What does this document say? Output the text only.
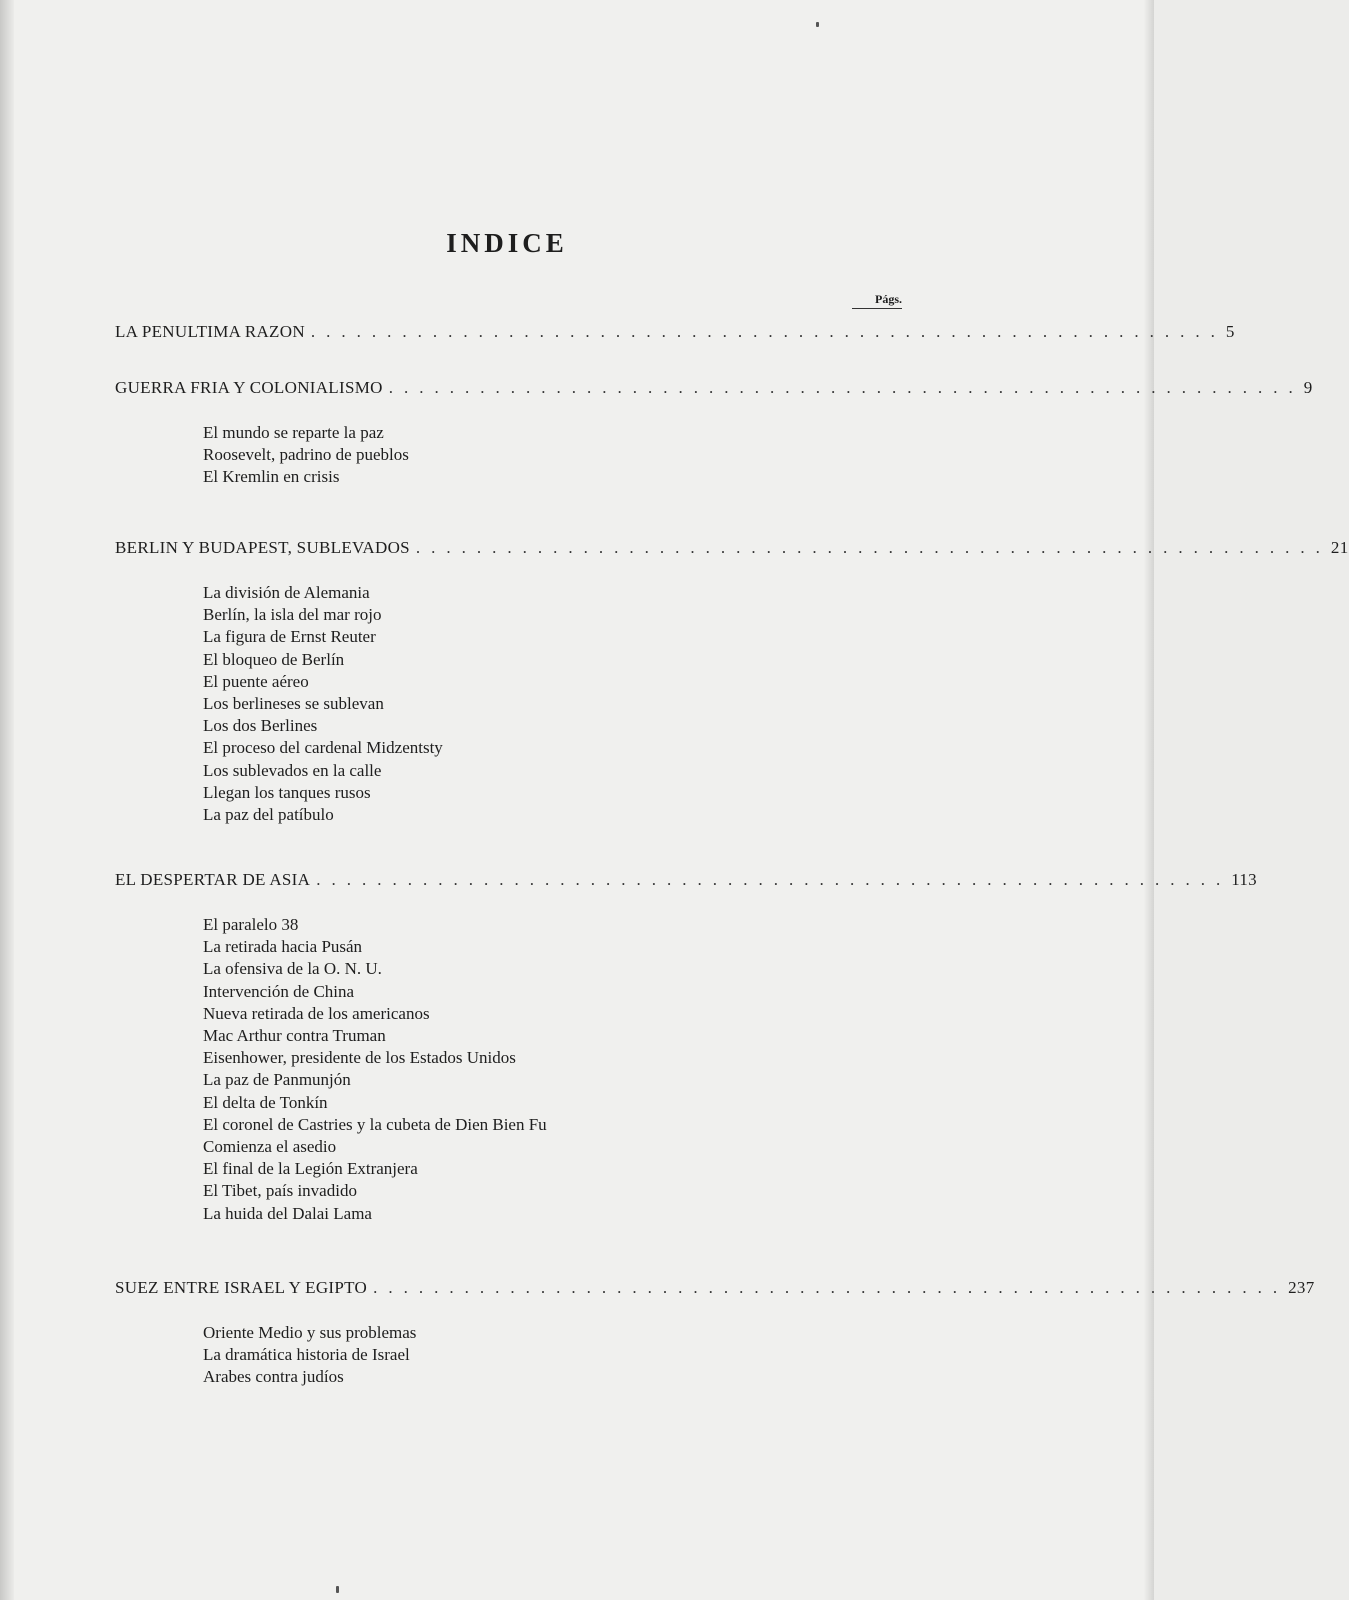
INDICE
Págs.
LA PENULTIMA RAZON ............................................................ 5
GUERRA FRIA Y COLONIALISMO ............................................................ 9
El mundo se reparte la paz
Roosevelt, padrino de pueblos
El Kremlin en crisis
BERLIN Y BUDAPEST, SUBLEVADOS ............................................................ 21
La división de Alemania
Berlín, la isla del mar rojo
La figura de Ernst Reuter
El bloqueo de Berlín
El puente aéreo
Los berlineses se sublevan
Los dos Berlines
El proceso del cardenal Midzentsty
Los sublevados en la calle
Llegan los tanques rusos
La paz del patíbulo
EL DESPERTAR DE ASIA ............................................................ 113
El paralelo 38
La retirada hacia Pusán
La ofensiva de la O. N. U.
Intervención de China
Nueva retirada de los americanos
Mac Arthur contra Truman
Eisenhower, presidente de los Estados Unidos
La paz de Panmunjón
El delta de Tonkín
El coronel de Castries y la cubeta de Dien Bien Fu
Comienza el asedio
El final de la Legión Extranjera
El Tibet, país invadido
La huida del Dalai Lama
SUEZ ENTRE ISRAEL Y EGIPTO ............................................................ 237
Oriente Medio y sus problemas
La dramática historia de Israel
Arabes contra judíos
